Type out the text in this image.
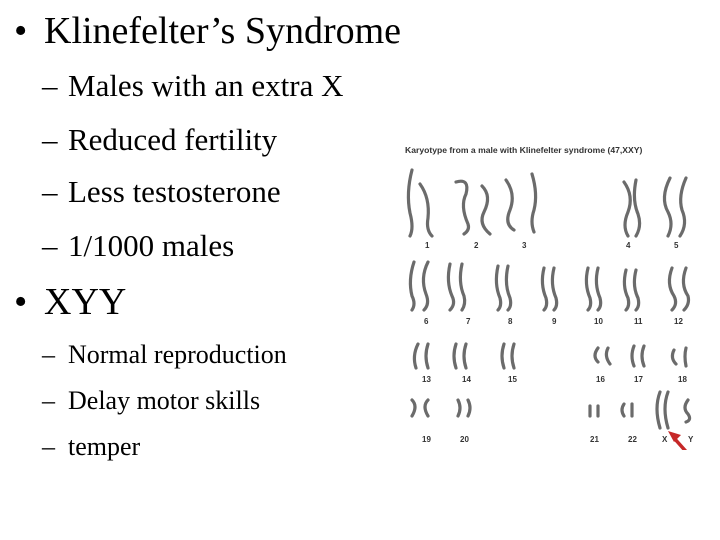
• Klinefelter’s Syndrome
– Males with an extra X
– Reduced fertility
– Less testosterone
– 1/1000 males
• XYY
– Normal reproduction
– Delay motor skills
– temper
Karyotype from a male with Klinefelter syndrome (47,XXY)
1	2	3	4	5
6	7	8	9	10	11	12
13	14	15	16	17	18
19	20	21	22	X	Y
